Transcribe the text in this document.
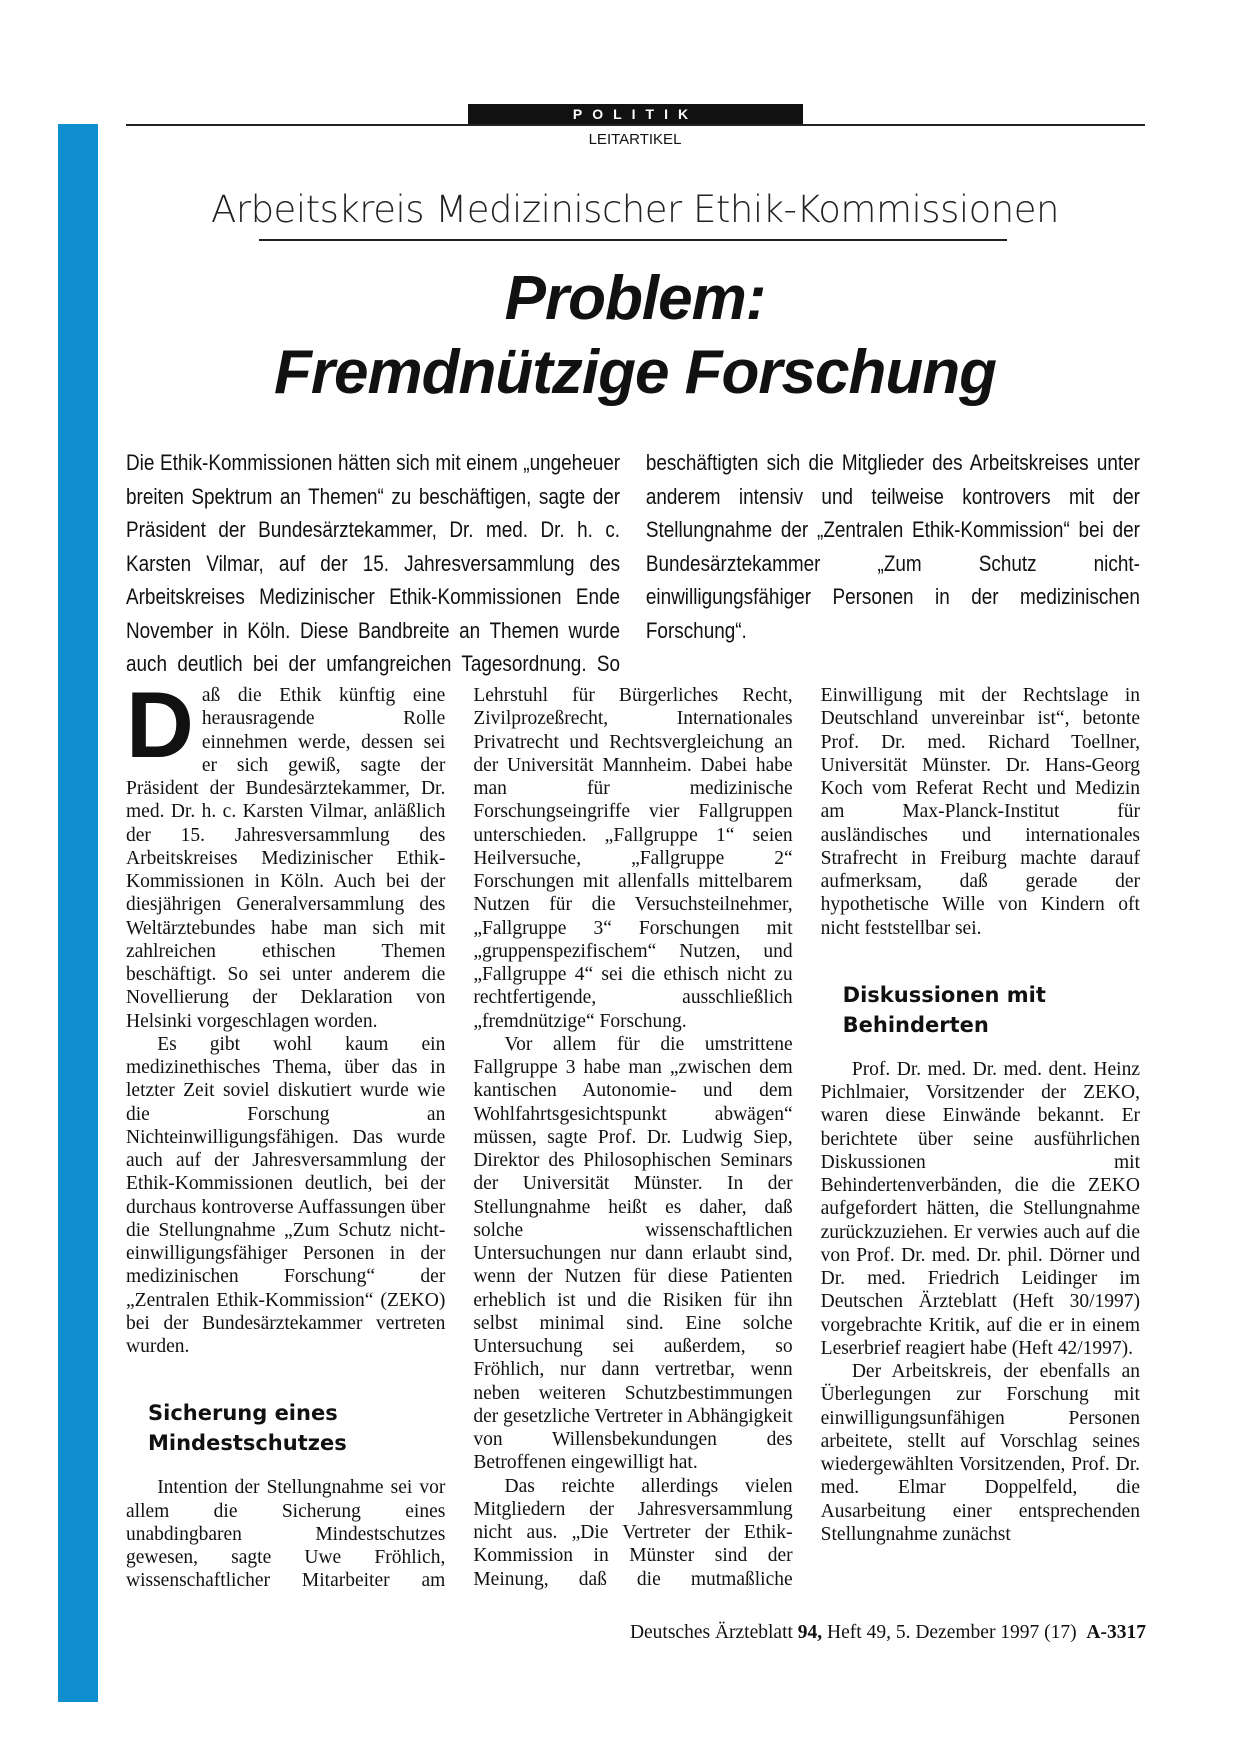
POLITIK
LEITARTIKEL
Arbeitskreis Medizinischer Ethik-Kommissionen
Problem:
Fremdnützige Forschung
Die Ethik-Kommissionen hätten sich mit einem „ungeheuer breiten Spektrum an Themen“ zu beschäftigen, sagte der Präsident der Bundesärztekammer, Dr. med. Dr. h. c. Karsten Vilmar, auf der 15. Jahresversammlung des Arbeitskreises Medizinischer Ethik-Kommissionen Ende November in Köln. Diese Bandbreite an Themen wurde auch deutlich bei der umfangreichen Tagesordnung. So beschäftigten sich die Mitglieder des Arbeitskreises unter anderem intensiv und teilweise kontrovers mit der Stellungnahme der „Zentralen Ethik-Kommission“ bei der Bundesärztekammer „Zum Schutz nicht-einwilligungsfähiger Personen in der medizinischen Forschung“.

Daß die Ethik künftig eine herausragende Rolle einnehmen werde, dessen sei er sich gewiß, sagte der Präsident der Bundesärztekammer, Dr. med. Dr. h. c. Karsten Vilmar, anläßlich der 15. Jahresversammlung des Arbeitskreises Medizinischer Ethik-Kommissionen in Köln. Auch bei der diesjährigen Generalversammlung des Weltärztebundes habe man sich mit zahlreichen ethischen Themen beschäftigt. So sei unter anderem die Novellierung der Deklaration von Helsinki vorgeschlagen worden.

Es gibt wohl kaum ein medizinethisches Thema, über das in letzter Zeit soviel diskutiert wurde wie die Forschung an Nichteinwilligungsfähigen. Das wurde auch auf der Jahresversammlung der Ethik-Kommissionen deutlich, bei der durchaus kontroverse Auffassungen über die Stellungnahme „Zum Schutz nicht-einwilligungsfähiger Personen in der medizinischen Forschung“ der „Zentralen Ethik-Kommission“ (ZEKO) bei der Bundesärztekammer vertreten wurden.

Sicherung eines Mindestschutzes

Intention der Stellungnahme sei vor allem die Sicherung eines unabdingbaren Mindestschutzes gewesen, sagte Uwe Fröhlich, wissenschaftlicher Mitarbeiter am Lehrstuhl für Bürgerliches Recht, Zivilprozeßrecht, Internationales Privatrecht und Rechtsvergleichung an der Universität Mannheim. Dabei habe man für medizinische Forschungseingriffe vier Fallgruppen unterschieden. „Fallgruppe 1“ seien Heilversuche, „Fallgruppe 2“ Forschungen mit allenfalls mittelbarem Nutzen für die Versuchsteilnehmer, „Fallgruppe 3“ Forschungen mit „gruppenspezifischem“ Nutzen, und „Fallgruppe 4“ sei die ethisch nicht zu rechtfertigende, ausschließlich „fremdnützige“ Forschung.

Vor allem für die umstrittene Fallgruppe 3 habe man „zwischen dem kantischen Autonomie- und dem Wohlfahrtsgesichtspunkt abwägen“ müssen, sagte Prof. Dr. Ludwig Siep, Direktor des Philosophischen Seminars der Universität Münster. In der Stellungnahme heißt es daher, daß solche wissenschaftlichen Untersuchungen nur dann erlaubt sind, wenn der Nutzen für diese Patienten erheblich ist und die Risiken für ihn selbst minimal sind. Eine solche Untersuchung sei außerdem, so Fröhlich, nur dann vertretbar, wenn neben weiteren Schutzbestimmungen der gesetzliche Vertreter in Abhängigkeit von Willensbekundungen des Betroffenen eingewilligt hat.

Das reichte allerdings vielen Mitgliedern der Jahresversammlung nicht aus. „Die Vertreter der Ethik-Kommission in Münster sind der Meinung, daß die mutmaßliche Einwilligung mit der Rechtslage in Deutschland unvereinbar ist“, betonte Prof. Dr. med. Richard Toellner, Universität Münster. Dr. Hans-Georg Koch vom Referat Recht und Medizin am Max-Planck-Institut für ausländisches und internationales Strafrecht in Freiburg machte darauf aufmerksam, daß gerade der hypothetische Wille von Kindern oft nicht feststellbar sei.

Diskussionen mit Behinderten

Prof. Dr. med. Dr. med. dent. Heinz Pichlmaier, Vorsitzender der ZEKO, waren diese Einwände bekannt. Er berichtete über seine ausführlichen Diskussionen mit Behindertenverbänden, die die ZEKO aufgefordert hätten, die Stellungnahme zurückzuziehen. Er verwies auch auf die von Prof. Dr. med. Dr. phil. Dörner und Dr. med. Friedrich Leidinger im Deutschen Ärzteblatt (Heft 30/1997) vorgebrachte Kritik, auf die er in einem Leserbrief reagiert habe (Heft 42/1997).

Der Arbeitskreis, der ebenfalls an Überlegungen zur Forschung mit einwilligungsunfähigen Personen arbeitete, stellt auf Vorschlag seines wiedergewählten Vorsitzenden, Prof. Dr. med. Elmar Doppelfeld, die Ausarbeitung einer entsprechenden Stellungnahme zunächst

Deutsches Ärzteblatt 94, Heft 49, 5. Dezember 1997 (17) A-3317
